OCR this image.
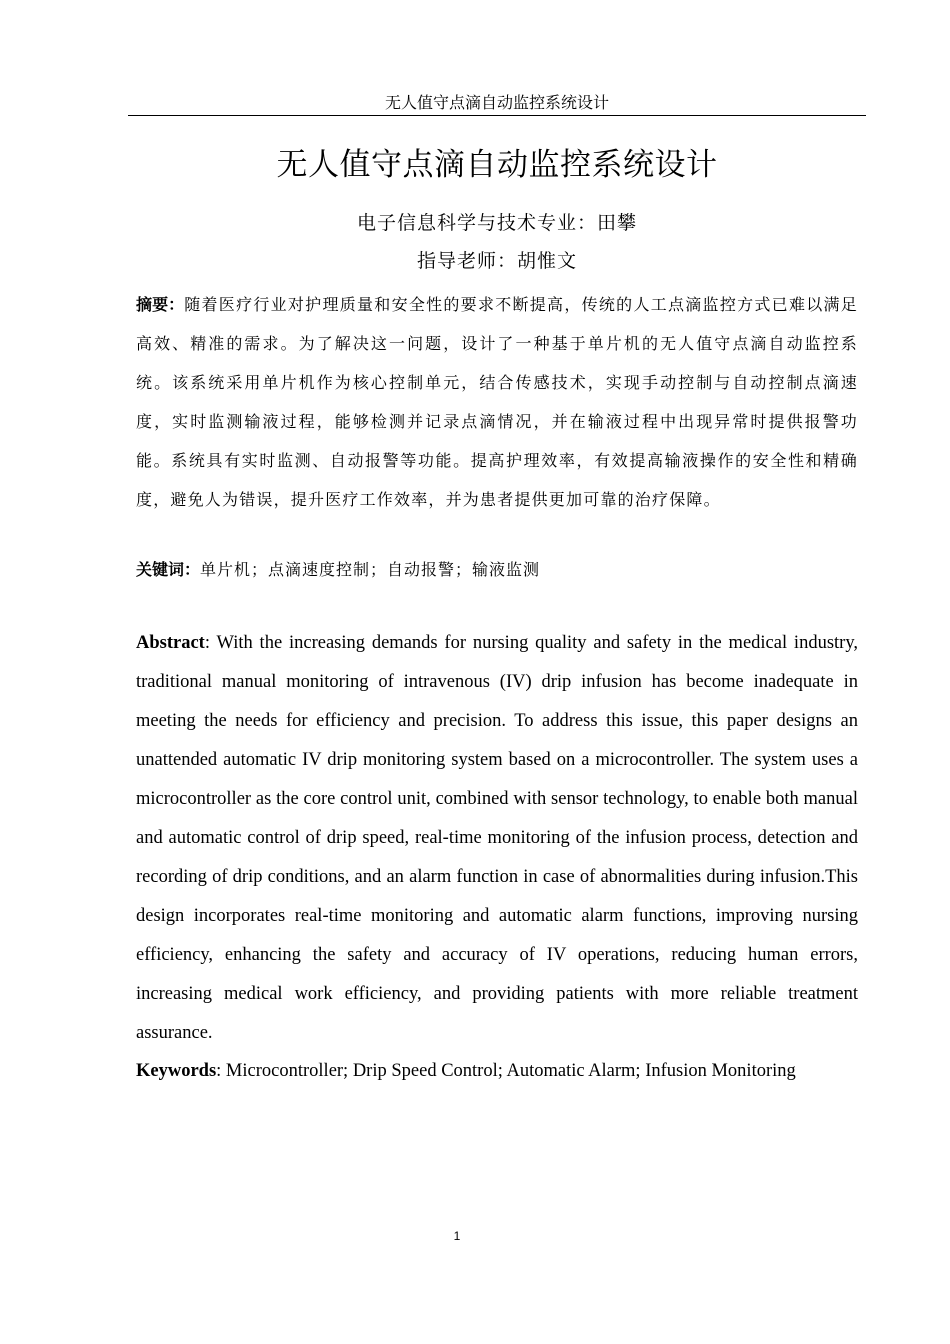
无人值守点滴自动监控系统设计
无人值守点滴自动监控系统设计
电子信息科学与技术专业：田攀
指导老师：胡惟文

摘要：随着医疗行业对护理质量和安全性的要求不断提高，传统的人工点滴监控方式已难以满足高效、精准的需求。为了解决这一问题，设计了一种基于单片机的无人值守点滴自动监控系统。该系统采用单片机作为核心控制单元，结合传感技术，实现手动控制与自动控制点滴速度，实时监测输液过程，能够检测并记录点滴情况，并在输液过程中出现异常时提供报警功能。系统具有实时监测、自动报警等功能。提高护理效率，有效提高输液操作的安全性和精确度，避免人为错误，提升医疗工作效率，并为患者提供更加可靠的治疗保障。

关键词：单片机；点滴速度控制；自动报警；输液监测

Abstract: With the increasing demands for nursing quality and safety in the medical industry, traditional manual monitoring of intravenous (IV) drip infusion has become inadequate in meeting the needs for efficiency and precision. To address this issue, this paper designs an unattended automatic IV drip monitoring system based on a microcontroller. The system uses a microcontroller as the core control unit, combined with sensor technology, to enable both manual and automatic control of drip speed, real-time monitoring of the infusion process, detection and recording of drip conditions, and an alarm function in case of abnormalities during infusion.This design incorporates real-time monitoring and automatic alarm functions, improving nursing efficiency, enhancing the safety and accuracy of IV operations, reducing human errors, increasing medical work efficiency, and providing patients with more reliable treatment assurance.

Keywords: Microcontroller; Drip Speed Control; Automatic Alarm; Infusion Monitoring
1
